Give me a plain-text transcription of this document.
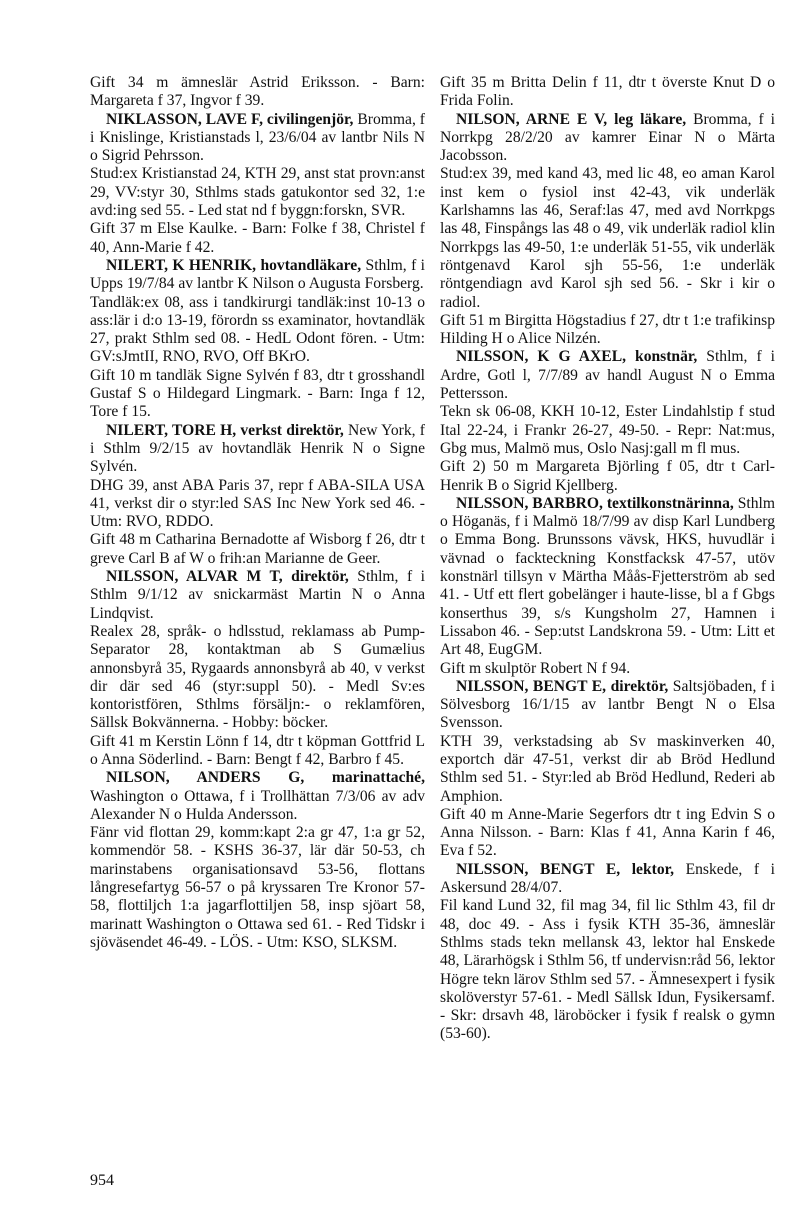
Gift 34 m ämneslär Astrid Eriksson. - Barn: Margareta f 37, Ingvor f 39.

NIKLASSON, LAVE F, civilingenjör, Bromma, f i Knislinge, Kristianstads l, 23/6/04 av lantbr Nils N o Sigrid Pehrsson.

Stud:ex Kristianstad 24, KTH 29, anst stat provn:anst 29, VV:styr 30, Sthlms stads gatukontor sed 32, 1:e avd:ing sed 55. - Led stat nd f byggn:forskn, SVR.

Gift 37 m Else Kaulke. - Barn: Folke f 38, Christel f 40, Ann-Marie f 42.

NILERT, K HENRIK, hovtandläkare, Sthlm, f i Upps 19/7/84 av lantbr K Nilson o Augusta Forsberg.

Tandläk:ex 08, ass i tandkirurgi tandläk:inst 10-13 o ass:lär i d:o 13-19, förordn ss examinator, hovtandläk 27, prakt Sthlm sed 08. - HedL Odont fören. - Utm: GV:sJmtII, RNO, RVO, Off BKrO.

Gift 10 m tandläk Signe Sylvén f 83, dtr t grosshandl Gustaf S o Hildegard Lingmark. - Barn: Inga f 12, Tore f 15.

NILERT, TORE H, verkst direktör, New York, f i Sthlm 9/2/15 av hovtandläk Henrik N o Signe Sylvén.

DHG 39, anst ABA Paris 37, repr f ABA-SILA USA 41, verkst dir o styr:led SAS Inc New York sed 46. - Utm: RVO, RDDO.

Gift 48 m Catharina Bernadotte af Wisborg f 26, dtr t greve Carl B af W o frih:an Marianne de Geer.

NILSSON, ALVAR M T, direktör, Sthlm, f i Sthlm 9/1/12 av snickarmäst Martin N o Anna Lindqvist.

Realex 28, språk- o hdlsstud, reklamass ab Pump-Separator 28, kontaktman ab S Gumælius annonsbyrå 35, Rygaards annonsbyrå ab 40, v verkst dir där sed 46 (styr:suppl 50). - Medl Sv:es kontoristfören, Sthlms försäljn:- o reklamfören, Sällsk Bokvännerna. - Hobby: böcker.

Gift 41 m Kerstin Lönn f 14, dtr t köpman Gottfrid L o Anna Söderlind. - Barn: Bengt f 42, Barbro f 45.

NILSON, ANDERS G, marinattaché, Washington o Ottawa, f i Trollhättan 7/3/06 av adv Alexander N o Hulda Andersson.

Fänr vid flottan 29, komm:kapt 2:a gr 47, 1:a gr 52, kommendör 58. - KSHS 36-37, lär där 50-53, ch marinstabens organisationsavd 53-56, flottans långresefartyg 56-57 o på kryssaren Tre Kronor 57-58, flottiljch 1:a jagarflottiljen 58, insp sjöart 58, marinatt Washington o Ottawa sed 61. - Red Tidskr i sjöväsendet 46-49. - LÖS. - Utm: KSO, SLKSM.

Gift 35 m Britta Delin f 11, dtr t överste Knut D o Frida Folin.

NILSON, ARNE E V, leg läkare, Bromma, f i Norrkpg 28/2/20 av kamrer Einar N o Märta Jacobsson.

Stud:ex 39, med kand 43, med lic 48, eo aman Karol inst kem o fysiol inst 42-43, vik underläk Karlshamns las 46, Seraf:las 47, med avd Norrkpgs las 48, Finspångs las 48 o 49, vik underläk radiol klin Norrkpgs las 49-50, 1:e underläk 51-55, vik underläk röntgenavd Karol sjh 55-56, 1:e underläk röntgendiagn avd Karol sjh sed 56. - Skr i kir o radiol.

Gift 51 m Birgitta Högstadius f 27, dtr t 1:e trafikinsp Hilding H o Alice Nilzén.

NILSSON, K G AXEL, konstnär, Sthlm, f i Ardre, Gotl l, 7/7/89 av handl August N o Emma Pettersson.

Tekn sk 06-08, KKH 10-12, Ester Lindahlstip f stud Ital 22-24, i Frankr 26-27, 49-50. - Repr: Nat:mus, Gbg mus, Malmö mus, Oslo Nasj:gall m fl mus.

Gift 2) 50 m Margareta Björling f 05, dtr t Carl-Henrik B o Sigrid Kjellberg.

NILSSON, BARBRO, textilkonstnärinna, Sthlm o Höganäs, f i Malmö 18/7/99 av disp Karl Lundberg o Emma Bong. Brunssons vävsk, HKS, huvudlär i vävnad o fackteckning Konstfacksk 47-57, utöv konstnärl tillsyn v Märtha Måås-Fjetterström ab sed 41. - Utf ett flert gobelänger i haute-lisse, bl a f Gbgs konserthus 39, s/s Kungsholm 27, Hamnen i Lissabon 46. - Sep:utst Landskrona 59. - Utm: Litt et Art 48, EugGM.

Gift m skulptör Robert N f 94.

NILSSON, BENGT E, direktör, Saltsjöbaden, f i Sölvesborg 16/1/15 av lantbr Bengt N o Elsa Svensson.

KTH 39, verkstadsing ab Sv maskinverken 40, exportch där 47-51, verkst dir ab Bröd Hedlund Sthlm sed 51. - Styr:led ab Bröd Hedlund, Rederi ab Amphion.

Gift 40 m Anne-Marie Segerfors dtr t ing Edvin S o Anna Nilsson. - Barn: Klas f 41, Anna Karin f 46, Eva f 52.

NILSSON, BENGT E, lektor, Enskede, f i Askersund 28/4/07.

Fil kand Lund 32, fil mag 34, fil lic Sthlm 43, fil dr 48, doc 49. - Ass i fysik KTH 35-36, ämneslär Sthlms stads tekn mellansk 43, lektor hal Enskede 48, Lärarhögsk i Sthlm 56, tf undervisn:råd 56, lektor Högre tekn lärov Sthlm sed 57. - Ämnesexpert i fysik skolöverstyr 57-61. - Medl Sällsk Idun, Fysikersamf. - Skr: drsavh 48, läroböcker i fysik f realsk o gymn (53-60).

954
